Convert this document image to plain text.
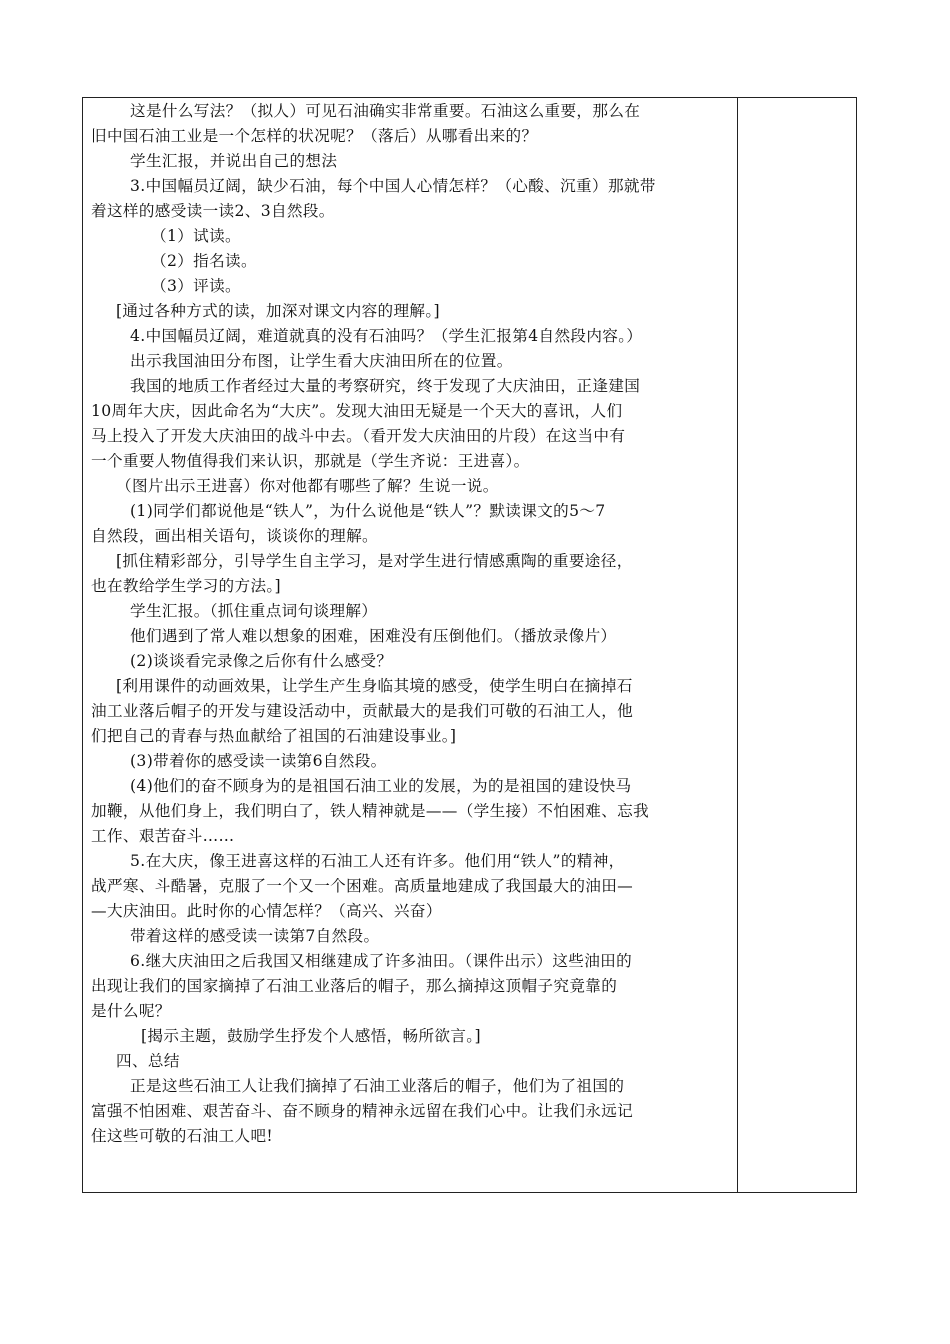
这是什么写法？（拟人）可见石油确实非常重要。石油这么重要，那么在
旧中国石油工业是一个怎样的状况呢？（落后）从哪看出来的？
学生汇报，并说出自己的想法
3.中国幅员辽阔，缺少石油，每个中国人心情怎样？（心酸、沉重）那就带
着这样的感受读一读2、3自然段。
（1）试读。
（2）指名读。
（3）评读。
[通过各种方式的读，加深对课文内容的理解。]
4.中国幅员辽阔，难道就真的没有石油吗？（学生汇报第4自然段内容。）
出示我国油田分布图，让学生看大庆油田所在的位置。
我国的地质工作者经过大量的考察研究，终于发现了大庆油田，正逢建国
10周年大庆，因此命名为“大庆”。发现大油田无疑是一个天大的喜讯，人们
马上投入了开发大庆油田的战斗中去。（看开发大庆油田的片段）在这当中有
一个重要人物值得我们来认识，那就是（学生齐说：王进喜）。
（图片出示王进喜）你对他都有哪些了解？生说一说。
(1)同学们都说他是“铁人”，为什么说他是“铁人”？默读课文的5～7
自然段，画出相关语句，谈谈你的理解。
[抓住精彩部分，引导学生自主学习，是对学生进行情感熏陶的重要途径，
也在教给学生学习的方法。]
学生汇报。（抓住重点词句谈理解）
他们遇到了常人难以想象的困难，困难没有压倒他们。（播放录像片）
(2)谈谈看完录像之后你有什么感受？
[利用课件的动画效果，让学生产生身临其境的感受，使学生明白在摘掉石
油工业落后帽子的开发与建设活动中，贡献最大的是我们可敬的石油工人，他
们把自己的青春与热血献给了祖国的石油建设事业。]
(3)带着你的感受读一读第6自然段。
(4)他们的奋不顾身为的是祖国石油工业的发展，为的是祖国的建设快马
加鞭，从他们身上，我们明白了，铁人精神就是——（学生接）不怕困难、忘我
工作、艰苦奋斗……
5.在大庆，像王进喜这样的石油工人还有许多。他们用“铁人”的精神，
战严寒、斗酷暑，克服了一个又一个困难。高质量地建成了我国最大的油田—
—大庆油田。此时你的心情怎样？（高兴、兴奋）
带着这样的感受读一读第7自然段。
6.继大庆油田之后我国又相继建成了许多油田。（课件出示）这些油田的
出现让我们的国家摘掉了石油工业落后的帽子，那么摘掉这顶帽子究竟靠的
是什么呢？
[揭示主题，鼓励学生抒发个人感悟，畅所欲言。]
四、总结
正是这些石油工人让我们摘掉了石油工业落后的帽子，他们为了祖国的
富强不怕困难、艰苦奋斗、奋不顾身的精神永远留在我们心中。让我们永远记
住这些可敬的石油工人吧!
